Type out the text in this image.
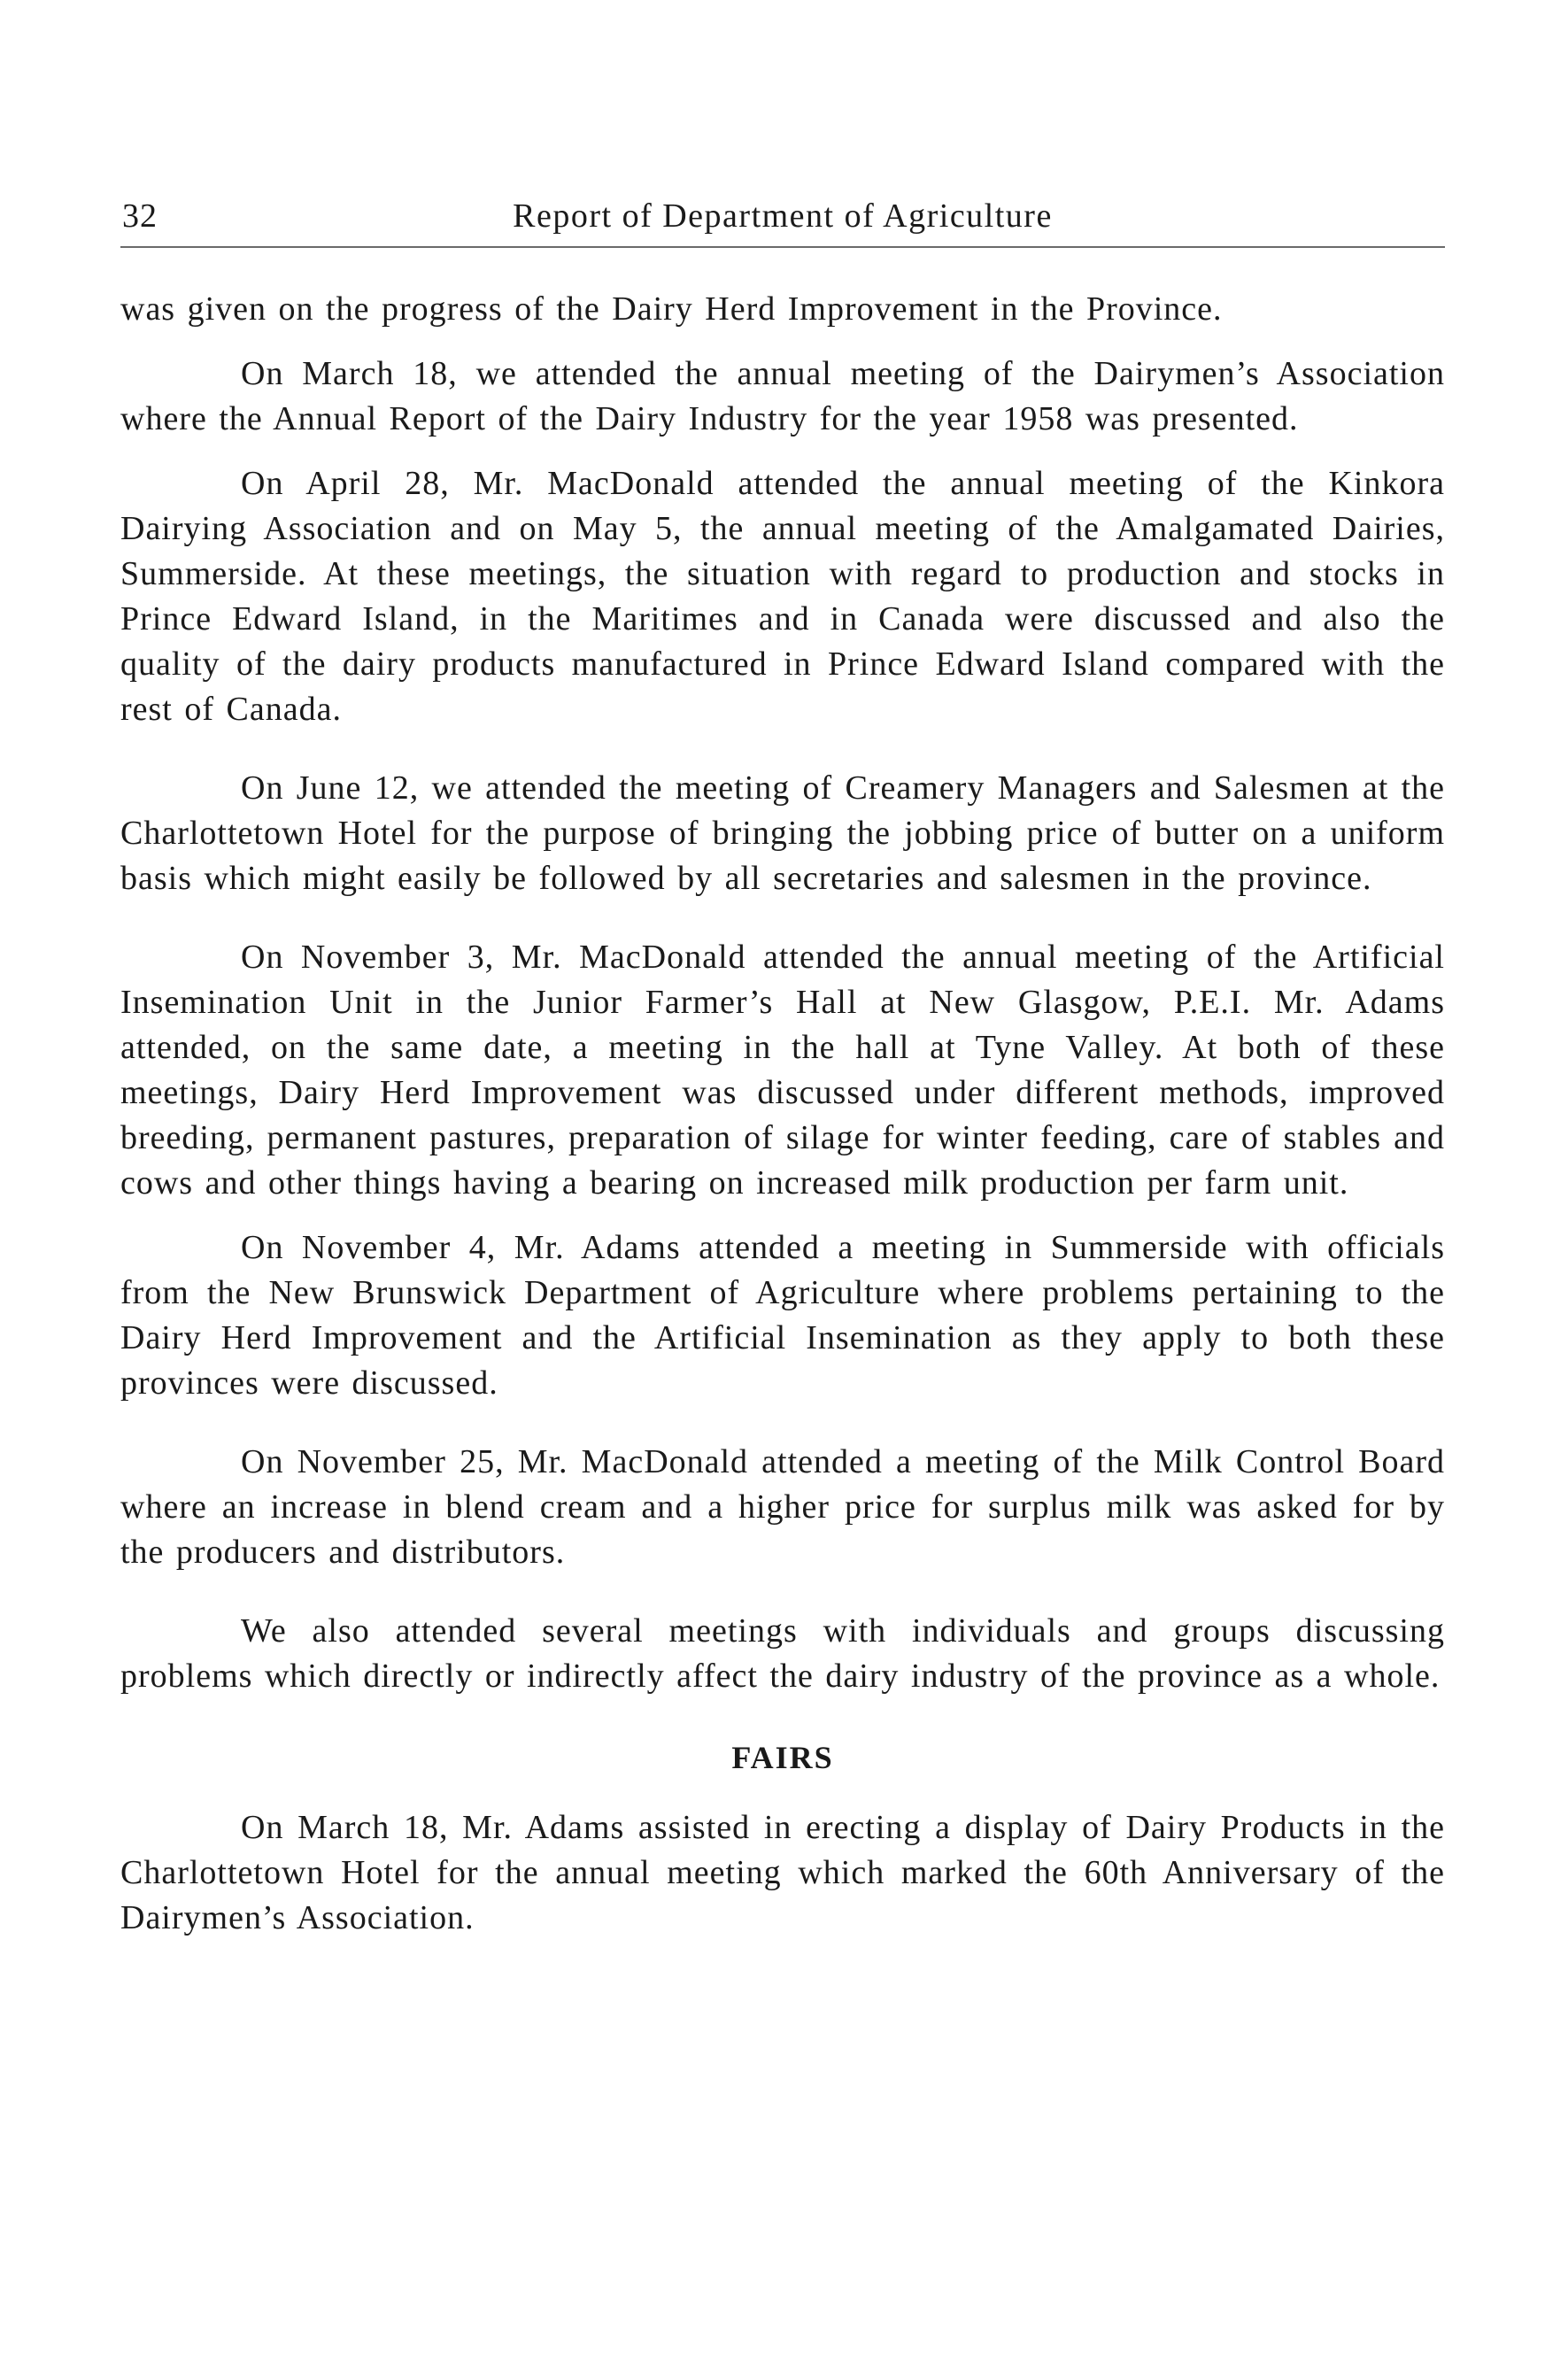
32	Report of Department of Agriculture

was given on the progress of the Dairy Herd Improvement in the Province.

On March 18, we attended the annual meeting of the Dairymen’s Association where the Annual Report of the Dairy Industry for the year 1958 was presented.

On April 28, Mr. MacDonald attended the annual meeting of the Kinkora Dairying Association and on May 5, the annual meeting of the Amalgamated Dairies, Summerside. At these meetings, the situation with regard to production and stocks in Prince Edward Island, in the Maritimes and in Canada were discussed and also the quality of the dairy products manufactured in Prince Edward Island compared with the rest of Canada.

On June 12, we attended the meeting of Creamery Managers and Salesmen at the Charlottetown Hotel for the purpose of bringing the jobbing price of butter on a uniform basis which might easily be followed by all secretaries and salesmen in the province.

On November 3, Mr. MacDonald attended the annual meeting of the Artificial Insemination Unit in the Junior Farmer’s Hall at New Glasgow, P.E.I. Mr. Adams attended, on the same date, a meeting in the hall at Tyne Valley. At both of these meetings, Dairy Herd Improvement was discussed under different methods, improved breeding, permanent pastures, preparation of silage for winter feeding, care of stables and cows and other things having a bearing on increased milk production per farm unit.

On November 4, Mr. Adams attended a meeting in Summerside with officials from the New Brunswick Department of Agriculture where problems pertaining to the Dairy Herd Improvement and the Artificial Insemination as they apply to both these provinces were discussed.

On November 25, Mr. MacDonald attended a meeting of the Milk Control Board where an increase in blend cream and a higher price for surplus milk was asked for by the producers and distributors.

We also attended several meetings with individuals and groups discussing problems which directly or indirectly affect the dairy industry of the province as a whole.

FAIRS

On March 18, Mr. Adams assisted in erecting a display of Dairy Products in the Charlottetown Hotel for the annual meeting which marked the 60th Anniversary of the Dairymen’s Association.
